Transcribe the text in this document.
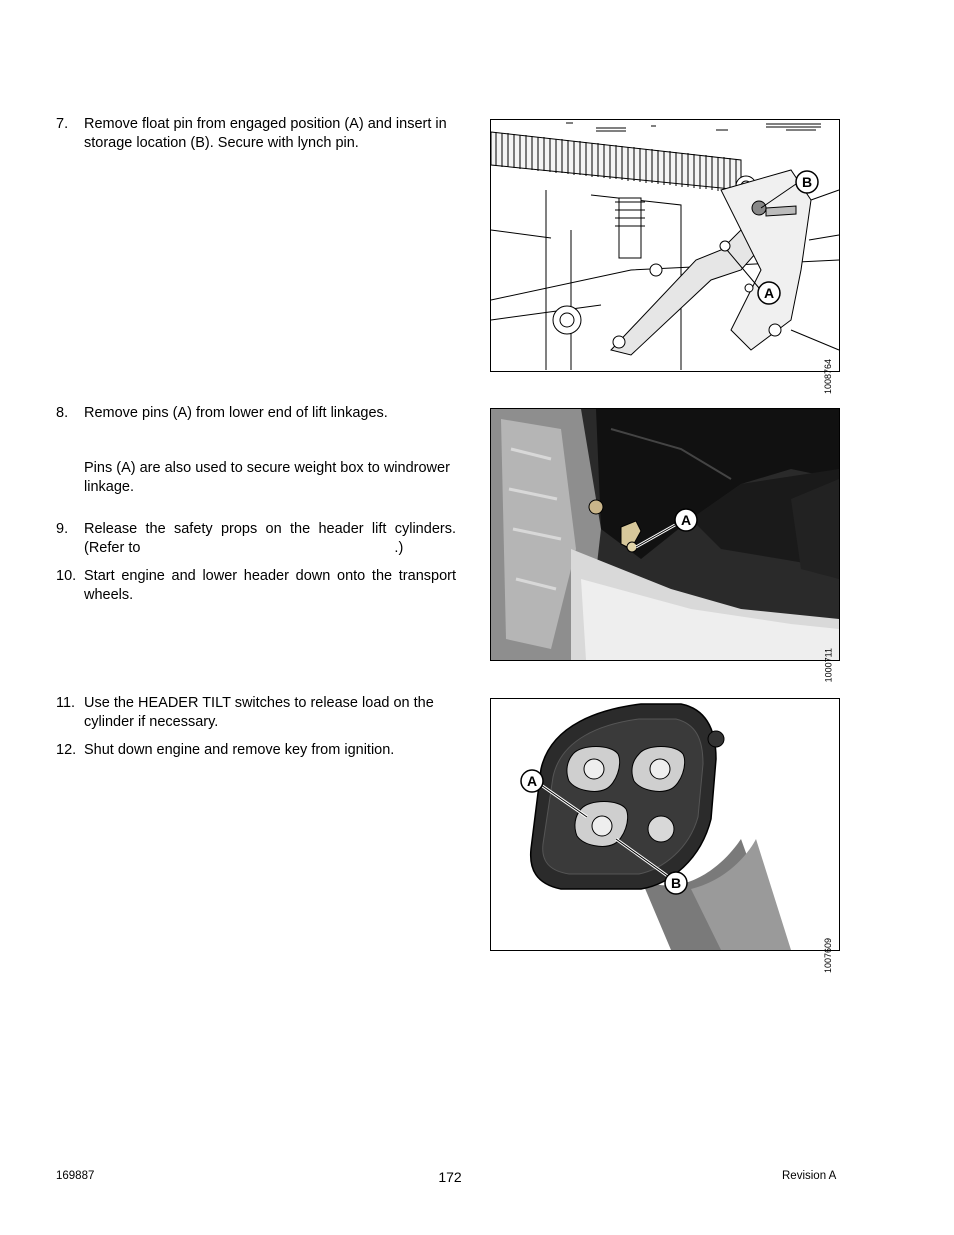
7. Remove float pin from engaged position (A) and insert in storage location (B). Secure with lynch pin.
B
A
1008764
8. Remove pins (A) from lower end of lift linkages.
Pins (A) are also used to secure weight box to windrower linkage.
9. Release the safety props on the header lift cylinders. (Refer to	.)
10. Start engine and lower header down onto the transport wheels.
A
1000711
11. Use the HEADER TILT switches to release load on the cylinder if necessary.
12. Shut down engine and remove key from ignition.
A
B
1007609
169887	172	Revision A
